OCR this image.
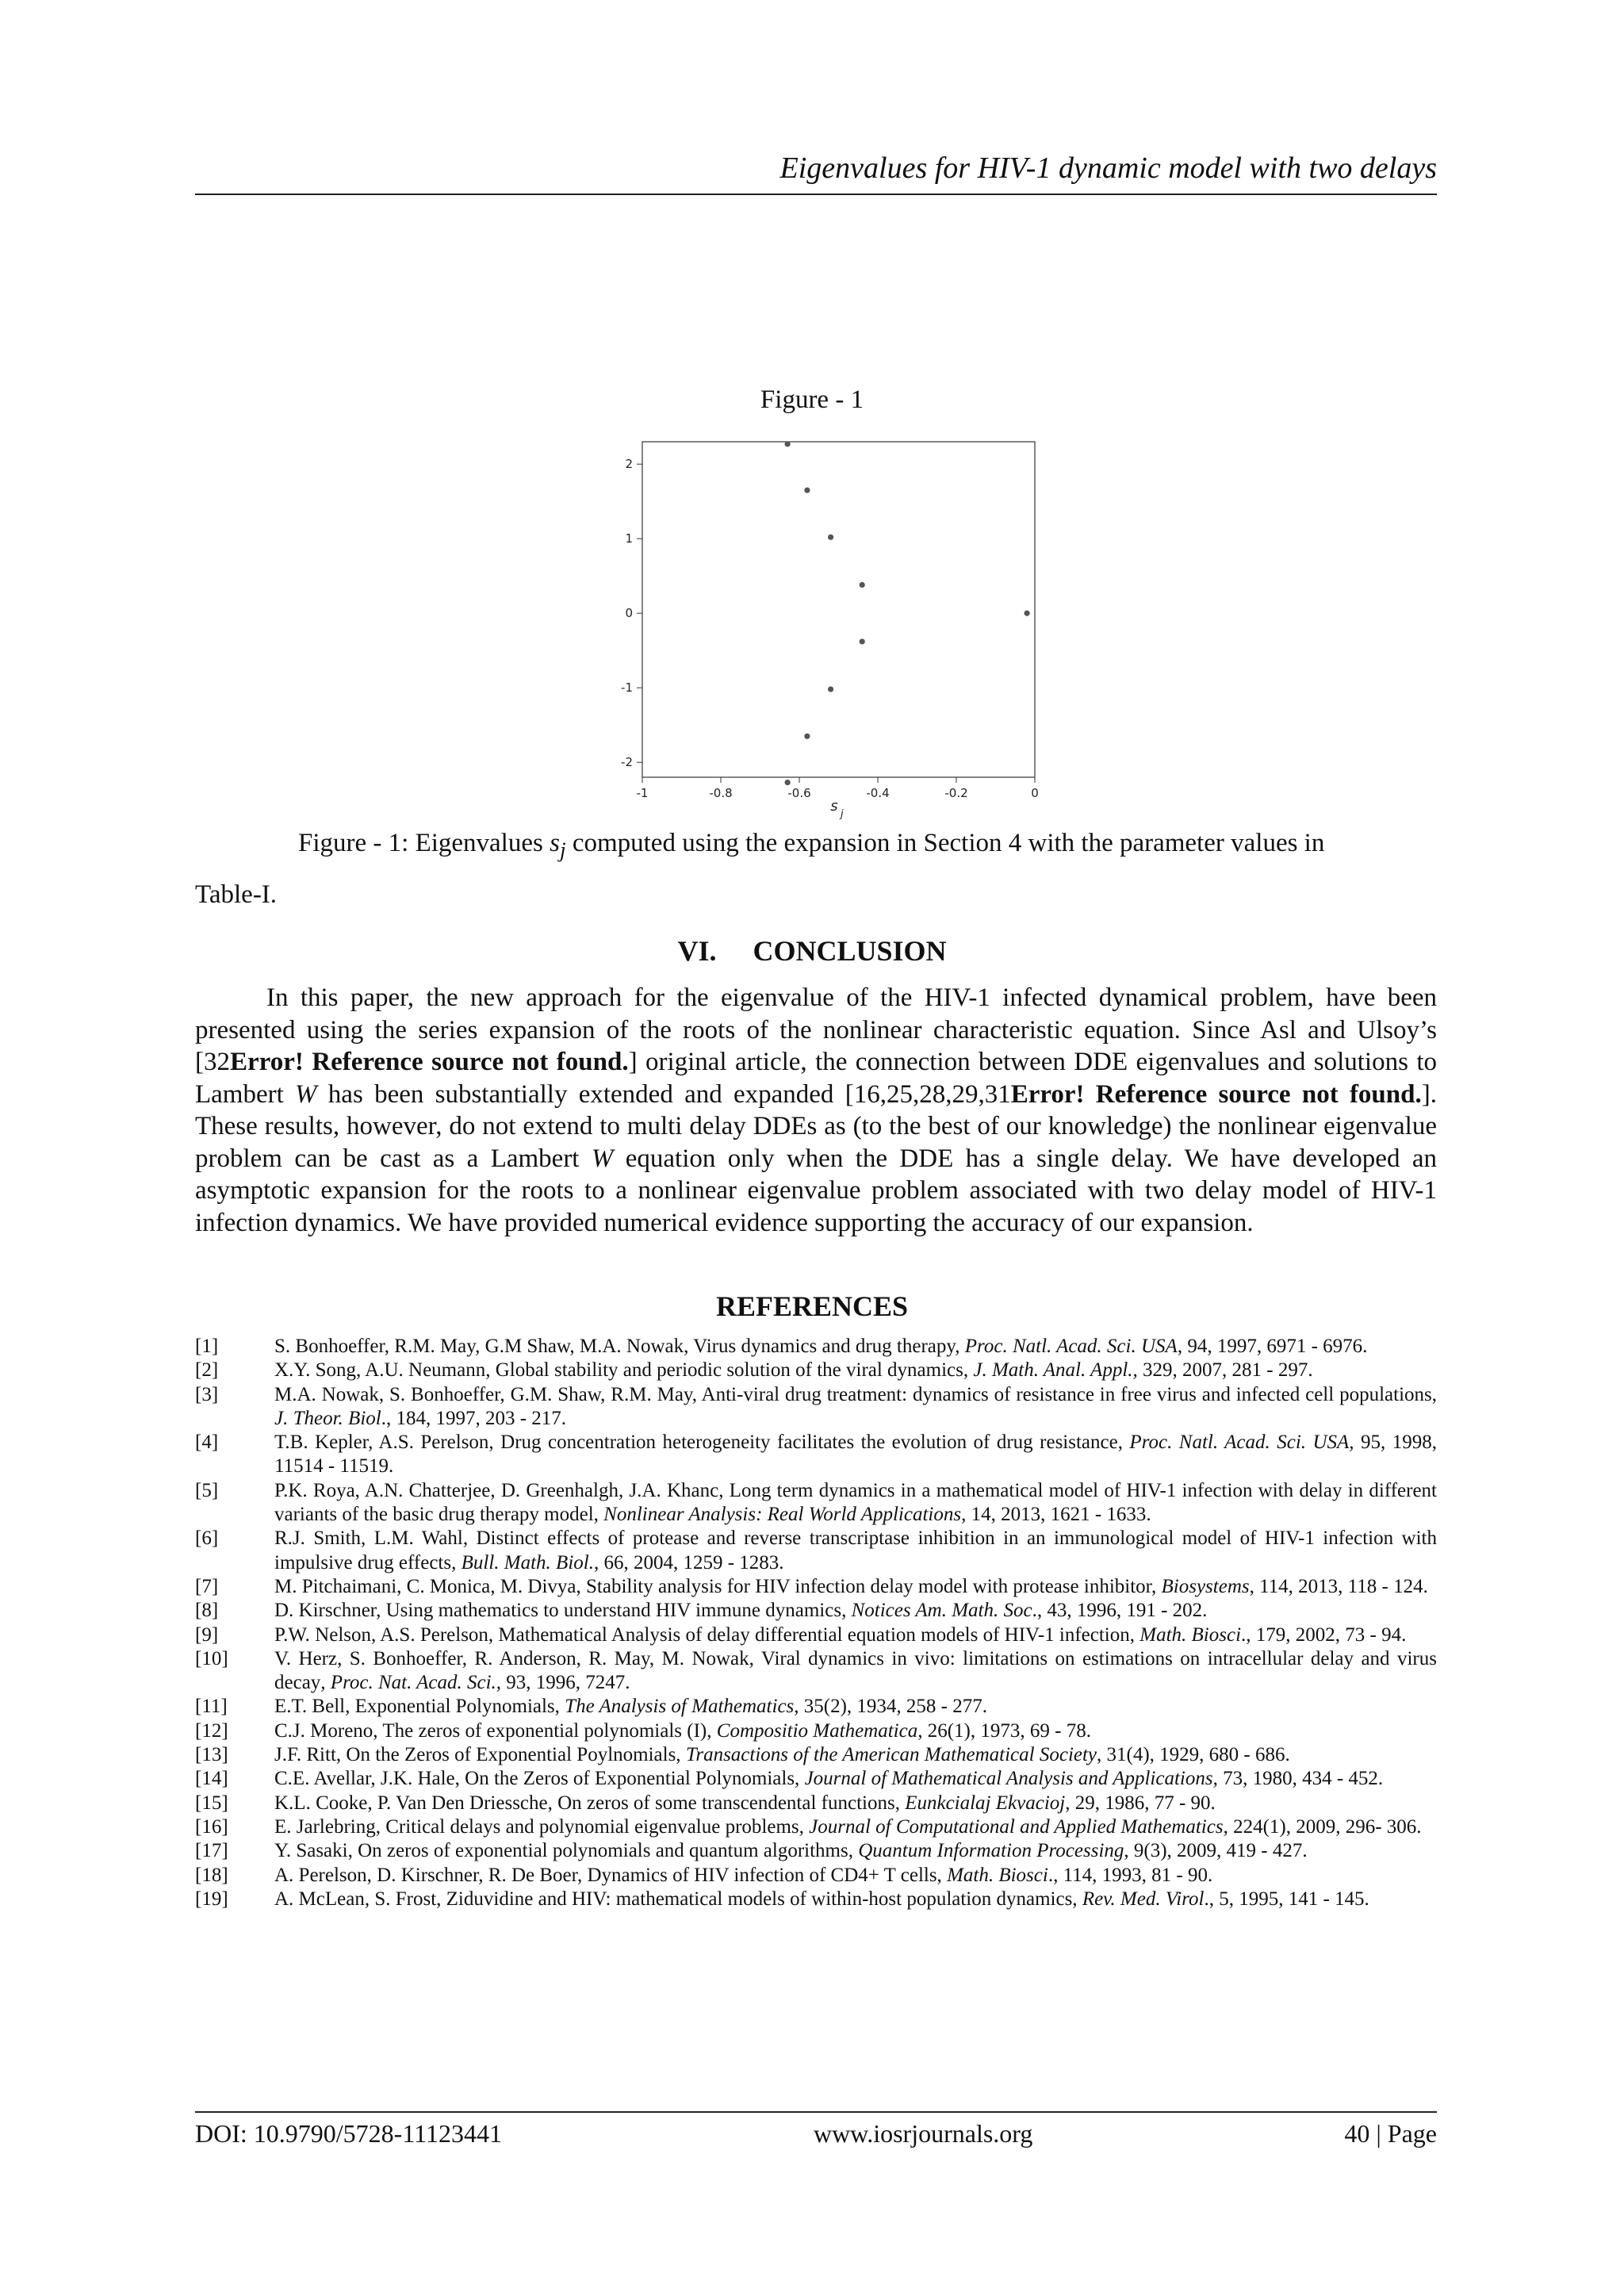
Eigenvalues for HIV-1 dynamic model with two delays
Figure - 1
-1	-0.8	-0.6	-0.4	-0.2	0
-2
-1
0
1
2
s j
Figure - 1: Eigenvalues $s_j$ computed using the expansion in Section 4 with the parameter values in
Table-I.
VI. CONCLUSION

In this paper, the new approach for the eigenvalue of the HIV-1 infected dynamical problem, have been presented using the series expansion of the roots of the nonlinear characteristic equation. Since Asl and Ulsoy’s [32Error! Reference source not found.] original article, the connection between DDE eigenvalues and solutions to Lambert W has been substantially extended and expanded [16,25,28,29,31Error! Reference source not found.]. These results, however, do not extend to multi delay DDEs as (to the best of our knowledge) the nonlinear eigenvalue problem can be cast as a Lambert W equation only when the DDE has a single delay. We have developed an asymptotic expansion for the roots to a nonlinear eigenvalue problem associated with two delay model of HIV-1 infection dynamics. We have provided numerical evidence supporting the accuracy of our expansion.

REFERENCES
[1]	S. Bonhoeffer, R.M. May, G.M Shaw, M.A. Nowak, Virus dynamics and drug therapy, Proc. Natl. Acad. Sci. USA, 94, 1997, 6971 - 6976.
[2]	X.Y. Song, A.U. Neumann, Global stability and periodic solution of the viral dynamics, J. Math. Anal. Appl., 329, 2007, 281 - 297.
[3]	M.A. Nowak, S. Bonhoeffer, G.M. Shaw, R.M. May, Anti-viral drug treatment: dynamics of resistance in free virus and infected cell populations, J. Theor. Biol., 184, 1997, 203 - 217.
[4]	T.B. Kepler, A.S. Perelson, Drug concentration heterogeneity facilitates the evolution of drug resistance, Proc. Natl. Acad. Sci. USA, 95, 1998, 11514 - 11519.
[5]	P.K. Roya, A.N. Chatterjee, D. Greenhalgh, J.A. Khanc, Long term dynamics in a mathematical model of HIV-1 infection with delay in different variants of the basic drug therapy model, Nonlinear Analysis: Real World Applications, 14, 2013, 1621 - 1633.
[6]	R.J. Smith, L.M. Wahl, Distinct effects of protease and reverse transcriptase inhibition in an immunological model of HIV-1 infection with impulsive drug effects, Bull. Math. Biol., 66, 2004, 1259 - 1283.
[7]	M. Pitchaimani, C. Monica, M. Divya, Stability analysis for HIV infection delay model with protease inhibitor, Biosystems, 114, 2013, 118 - 124.
[8]	D. Kirschner, Using mathematics to understand HIV immune dynamics, Notices Am. Math. Soc., 43, 1996, 191 - 202.
[9]	P.W. Nelson, A.S. Perelson, Mathematical Analysis of delay differential equation models of HIV-1 infection, Math. Biosci., 179, 2002, 73 - 94.
[10]	V. Herz, S. Bonhoeffer, R. Anderson, R. May, M. Nowak, Viral dynamics in vivo: limitations on estimations on intracellular delay and virus decay, Proc. Nat. Acad. Sci., 93, 1996, 7247.
[11]	E.T. Bell, Exponential Polynomials, The Analysis of Mathematics, 35(2), 1934, 258 - 277.
[12]	C.J. Moreno, The zeros of exponential polynomials (I), Compositio Mathematica, 26(1), 1973, 69 - 78.
[13]	J.F. Ritt, On the Zeros of Exponential Poylnomials, Transactions of the American Mathematical Society, 31(4), 1929, 680 - 686.
[14]	C.E. Avellar, J.K. Hale, On the Zeros of Exponential Polynomials, Journal of Mathematical Analysis and Applications, 73, 1980, 434 - 452.
[15]	K.L. Cooke, P. Van Den Driessche, On zeros of some transcendental functions, Eunkcialaj Ekvacioj, 29, 1986, 77 - 90.
[16]	E. Jarlebring, Critical delays and polynomial eigenvalue problems, Journal of Computational and Applied Mathematics, 224(1), 2009, 296- 306.
[17]	Y. Sasaki, On zeros of exponential polynomials and quantum algorithms, Quantum Information Processing, 9(3), 2009, 419 - 427.
[18]	A. Perelson, D. Kirschner, R. De Boer, Dynamics of HIV infection of CD4+ T cells, Math. Biosci., 114, 1993, 81 - 90.
[19]	A. McLean, S. Frost, Ziduvidine and HIV: mathematical models of within-host population dynamics, Rev. Med. Virol., 5, 1995, 141 - 145.
DOI: 10.9790/5728-11123441	www.iosrjournals.org	40 | Page
